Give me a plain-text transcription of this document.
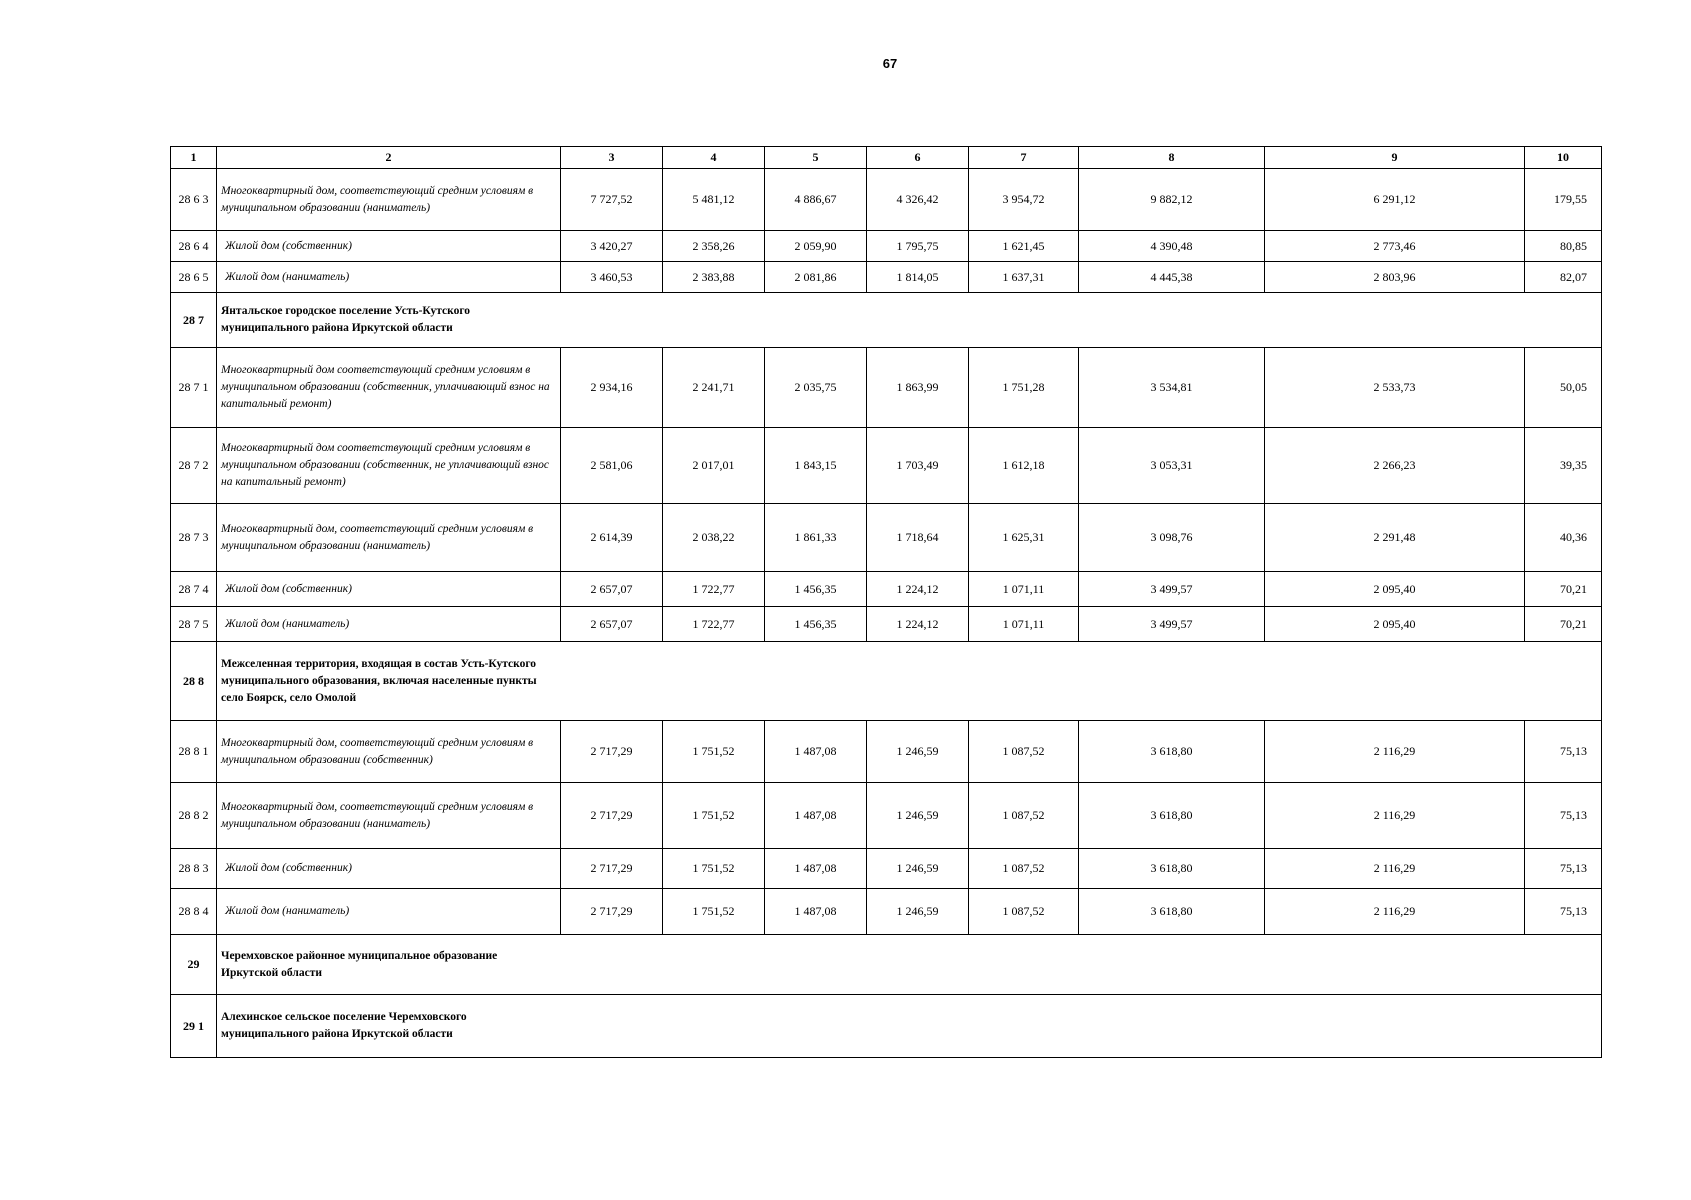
67
1	2	3	4	5	6	7	8	9	10
28 6 3	Многоквартирный дом, соответствующий средним условиям в муниципальном образовании (наниматель)	7 727,52	5 481,12	4 886,67	4 326,42	3 954,72	9 882,12	6 291,12	179,55
28 6 4	Жилой дом (собственник)	3 420,27	2 358,26	2 059,90	1 795,75	1 621,45	4 390,48	2 773,46	80,85
28 6 5	Жилой дом (наниматель)	3 460,53	2 383,88	2 081,86	1 814,05	1 637,31	4 445,38	2 803,96	82,07
28 7	Янтальское городское поселение Усть-Кутского муниципального района Иркутской области								

28 7 1	Многоквартирный дом соответствующий средним условиям в муниципальном образовании (собственник, уплачивающий взнос на капитальный ремонт)	2 934,16	2 241,71	2 035,75	1 863,99	1 751,28	3 534,81	2 533,73	50,05
28 7 2	Многоквартирный дом соответствующий средним условиям в муниципальном образовании (собственник, не уплачивающий взнос на капитальный ремонт)	2 581,06	2 017,01	1 843,15	1 703,49	1 612,18	3 053,31	2 266,23	39,35
28 7 3	Многоквартирный дом, соответствующий средним условиям в муниципальном образовании (наниматель)	2 614,39	2 038,22	1 861,33	1 718,64	1 625,31	3 098,76	2 291,48	40,36
28 7 4	Жилой дом (собственник)	2 657,07	1 722,77	1 456,35	1 224,12	1 071,11	3 499,57	2 095,40	70,21
28 7 5	Жилой дом (наниматель)	2 657,07	1 722,77	1 456,35	1 224,12	1 071,11	3 499,57	2 095,40	70,21
28 8	Межселенная территория, входящая в состав Усть-Кутского муниципального образования, включая населенные пункты село Боярск, село Омолой								

28 8 1	Многоквартирный дом, соответствующий средним условиям в муниципальном образовании (собственник)	2 717,29	1 751,52	1 487,08	1 246,59	1 087,52	3 618,80	2 116,29	75,13
28 8 2	Многоквартирный дом, соответствующий средним условиям в муниципальном образовании (наниматель)	2 717,29	1 751,52	1 487,08	1 246,59	1 087,52	3 618,80	2 116,29	75,13
28 8 3	Жилой дом (собственник)	2 717,29	1 751,52	1 487,08	1 246,59	1 087,52	3 618,80	2 116,29	75,13
28 8 4	Жилой дом (наниматель)	2 717,29	1 751,52	1 487,08	1 246,59	1 087,52	3 618,80	2 116,29	75,13
29	Черемховское районное муниципальное образование Иркутской области								

29 1	Алехинское сельское поселение Черемховского муниципального района Иркутской области								
